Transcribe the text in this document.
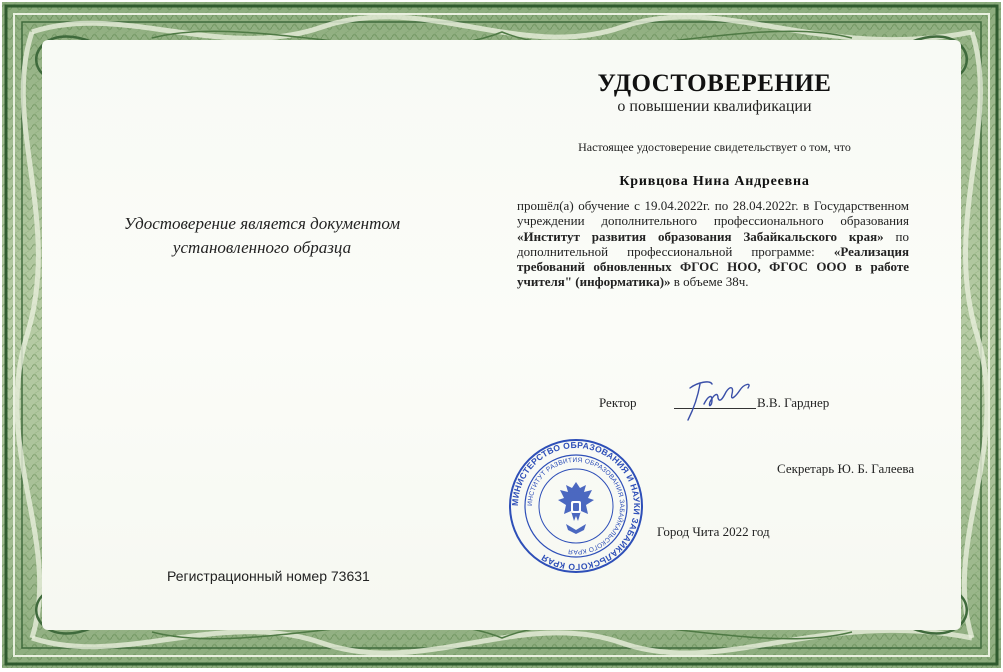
Удостоверение является документом установленного образца

Регистрационный номер 73631

УДОСТОВЕРЕНИЕ

о повышении квалификации

Настоящее удостоверение свидетельствует о том, что

Кривцова Нина Андреевна

прошёл(а) обучение с 19.04.2022г. по 28.04.2022г. в Государственном учреждении дополнительного профессионального образования «Институт развития образования Забайкальского края» по дополнительной профессиональной программе: «Реализация требований обновленных ФГОС НОО, ФГОС ООО в работе учителя" (информатика)» в объеме 38ч.

Ректор	В.В. Гарднер

МИНИСТЕРСТВО ОБРАЗОВАНИЯ И НАУКИ ЗАБАЙКАЛЬСКОГО КРАЯ
ИНСТИТУТ РАЗВИТИЯ ОБРАЗОВАНИЯ ЗАБАЙКАЛЬСКОГО КРАЯ

Секретарь Ю. Б. Галеева

Город Чита 2022 год
